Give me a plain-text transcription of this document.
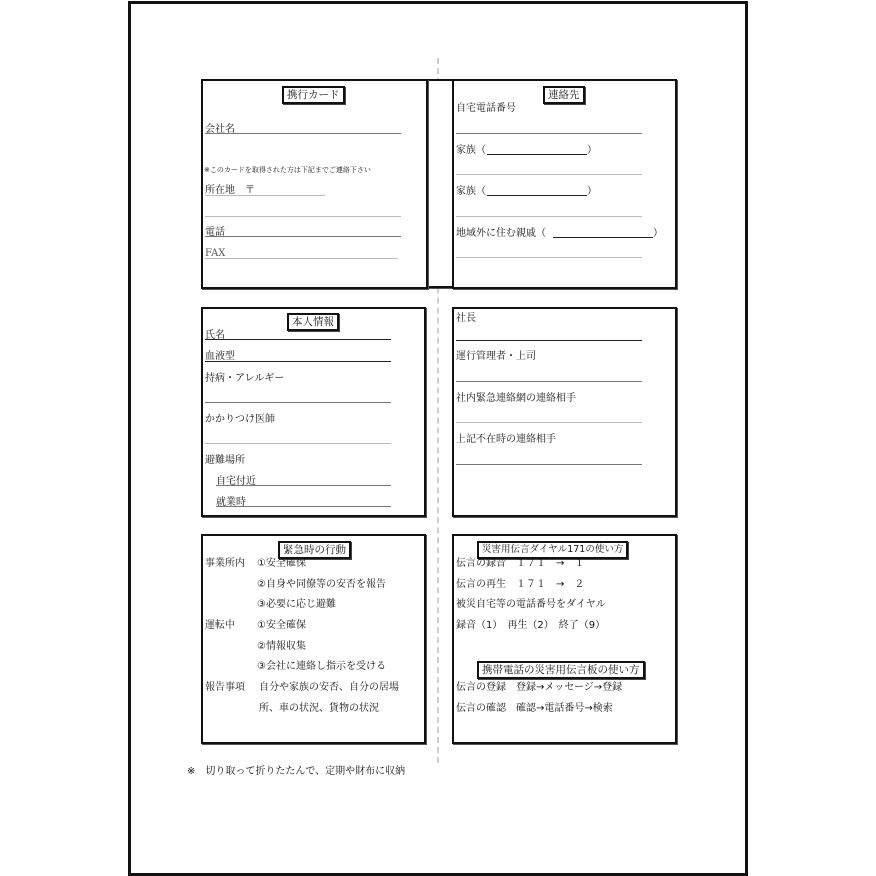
携行カード
会社名
※このカードを取得された方は下記までご連絡下さい
所在地　〒
電話
FAX
連絡先
自宅電話番号
家族（	）
家族（	）
地域外に住む親戚（	）
本人情報
氏名
血液型
持病・アレルギー
かかりつけ医師
避難場所
自宅付近
就業時
社長
運行管理者・上司
社内緊急連絡網の連絡相手
上記不在時の連絡相手
緊急時の行動
事業所内 ①安全確保
②自身や同僚等の安否を報告
③必要に応じ避難
運転中 ①安全確保
②情報収集
③会社に連絡し指示を受ける
報告事項 自分や家族の安否、自分の居場
所、車の状況、貨物の状況
災害用伝言ダイヤル171の使い方
伝言の録音　１７１　→　１
伝言の再生　１７１　→　２
被災自宅等の電話番号をダイヤル
録音（1）　再生（2）　終了（9）
携帯電話の災害用伝言板の使い方
伝言の登録　登録→メッセージ→登録
伝言の確認　確認→電話番号→検索
※　切り取って折りたたんで、定期や財布に収納
